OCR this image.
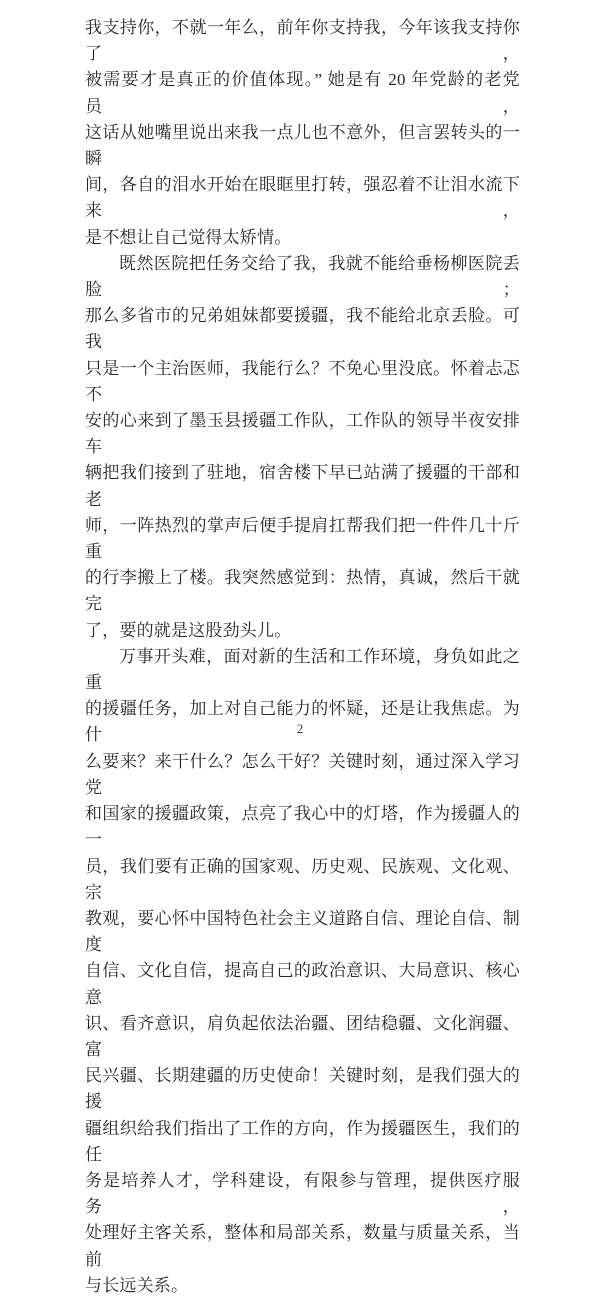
我支持你，不就一年么，前年你支持我，今年该我支持你了，
被需要才是真正的价值体现。” 她是有 20 年党龄的老党员，
这话从她嘴里说出来我一点儿也不意外，但言罢转头的一瞬
间，各自的泪水开始在眼眶里打转，强忍着不让泪水流下来，
是不想让自己觉得太矫情。
既然医院把任务交给了我，我就不能给垂杨柳医院丢脸；
那么多省市的兄弟姐妹都要援疆，我不能给北京丢脸。可我
只是一个主治医师，我能行么？不免心里没底。怀着忐忑不
安的心来到了墨玉县援疆工作队，工作队的领导半夜安排车
辆把我们接到了驻地，宿舍楼下早已站满了援疆的干部和老
师，一阵热烈的掌声后便手提肩扛帮我们把一件件几十斤重
的行李搬上了楼。我突然感觉到：热情，真诚，然后干就完
了，要的就是这股劲头儿。
万事开头难，面对新的生活和工作环境，身负如此之重
的援疆任务，加上对自己能力的怀疑，还是让我焦虑。为什
么要来？来干什么？怎么干好？关键时刻，通过深入学习党
和国家的援疆政策，点亮了我心中的灯塔，作为援疆人的一
员，我们要有正确的国家观、历史观、民族观、文化观、宗
教观，要心怀中国特色社会主义道路自信、理论自信、制度
自信、文化自信，提高自己的政治意识、大局意识、核心意
识、看齐意识，肩负起依法治疆、团结稳疆、文化润疆、富
民兴疆、长期建疆的历史使命！关键时刻，是我们强大的援
疆组织给我们指出了工作的方向，作为援疆医生，我们的任
务是培养人才，学科建设，有限参与管理，提供医疗服务，
处理好主客关系，整体和局部关系，数量与质量关系，当前
与长远关系。
2
